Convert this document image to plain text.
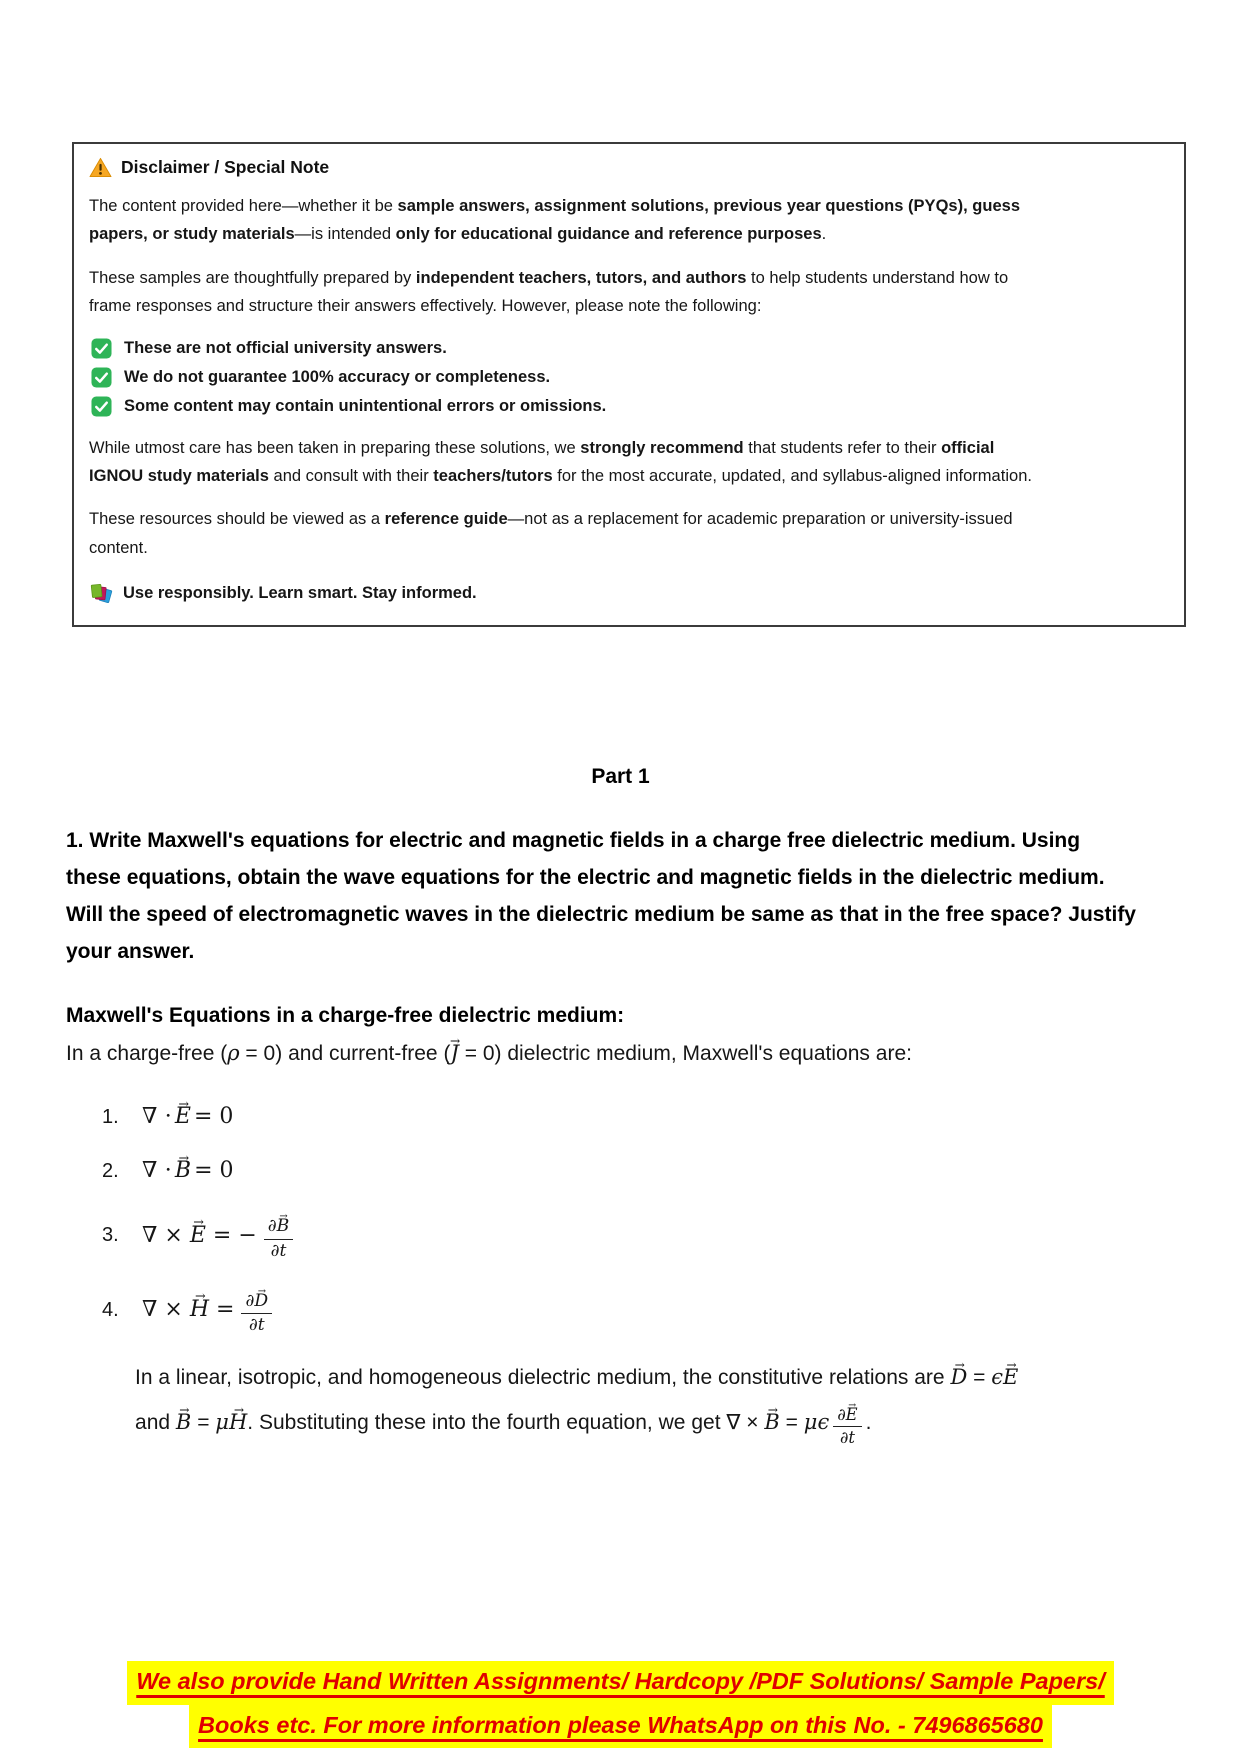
Disclaimer / Special Note

The content provided here—whether it be sample answers, assignment solutions, previous year questions (PYQs), guess papers, or study materials—is intended only for educational guidance and reference purposes.

These samples are thoughtfully prepared by independent teachers, tutors, and authors to help students understand how to frame responses and structure their answers effectively. However, please note the following:

These are not official university answers.
We do not guarantee 100% accuracy or completeness.
Some content may contain unintentional errors or omissions.

While utmost care has been taken in preparing these solutions, we strongly recommend that students refer to their official IGNOU study materials and consult with their teachers/tutors for the most accurate, updated, and syllabus-aligned information.

These resources should be viewed as a reference guide—not as a replacement for academic preparation or university-issued content.

Use responsibly. Learn smart. Stay informed.
Part 1

1. Write Maxwell's equations for electric and magnetic fields in a charge free dielectric medium. Using these equations, obtain the wave equations for the electric and magnetic fields in the dielectric medium. Will the speed of electromagnetic waves in the dielectric medium be same as that in the free space? Justify your answer.

Maxwell's Equations in a charge-free dielectric medium:

In a charge-free (ρ = 0) and current-free (J → = 0) dielectric medium, Maxwell's equations are:

1.	∇ ⋅ E → = 0
2.	∇ ⋅ B → = 0
3.	∇ × E → = − $\frac{\partial B \to}{\partial t}$
4.	∇ × H → = $\frac{\partial D \to}{\partial t}$

In a linear, isotropic, and homogeneous dielectric medium, the constitutive relations are D → = ϵE → and B → = μH →. Substituting these into the fourth equation, we get ∇ × B → = μϵ $\frac{\partial E \to}{\partial t}$ .

We also provide Hand Written Assignments/ Hardcopy /PDF Solutions/ Sample Papers/
Books etc. For more information please WhatsApp on this No. - 7496865680
